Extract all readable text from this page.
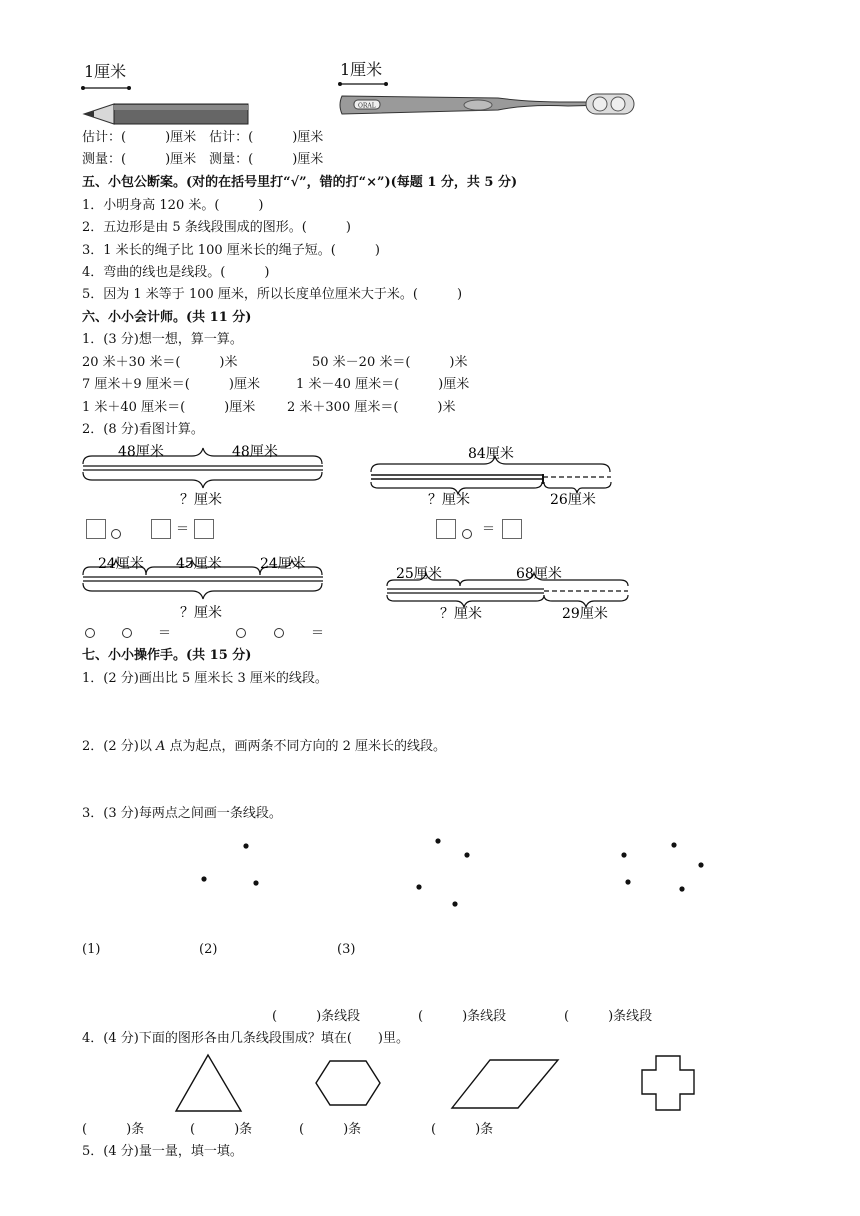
1厘米	1厘米
ORAL
估计：(　　　)厘米　估计：(　　　)厘米
测量：(　　　)厘米　测量：(　　　)厘米
五、小包公断案。(对的在括号里打“√”，错的打“×”)(每题 1 分，共 5 分)
1．小明身高 120 米。(　　　)
2．五边形是由 5 条线段围成的图形。(　　　)
3．1 米长的绳子比 100 厘米长的绳子短。(　　　)
4．弯曲的线也是线段。(　　　)
5．因为 1 米等于 100 厘米，所以长度单位厘米大于米。(　　　)
六、小小会计师。(共 11 分)
1．(3 分)想一想，算一算。
20 米＋30 米＝(　　　)米	50 米－20 米＝(　　　)米
7 厘米＋9 厘米＝(　　　)厘米	1 米－40 厘米＝(　　　)厘米
1 米＋40 厘米＝(　　　)厘米 2 米＋300 厘米＝(　　　)米
2．(8 分)看图计算。
48厘米	48厘米
？厘米
84厘米
？厘米	26厘米
＝	＝
24厘米 45厘米	24厘米
？厘米
25厘米	68厘米
？厘米	29厘米
＝	＝
七、小小操作手。(共 15 分)
1．(2 分)画出比 5 厘米长 3 厘米的线段。
2．(2 分)以 A 点为起点，画两条不同方向的 2 厘米长的线段。
3．(3 分)每两点之间画一条线段。
(1)	(2)	(3)
(　　　)条线段	(　　　)条线段	(　　　)条线段
4．(4 分)下面的图形各由几条线段围成？填在(　　)里。
(　　　)条	(　　　)条	(　　　)条	(　　　)条
5．(4 分)量一量，填一填。
